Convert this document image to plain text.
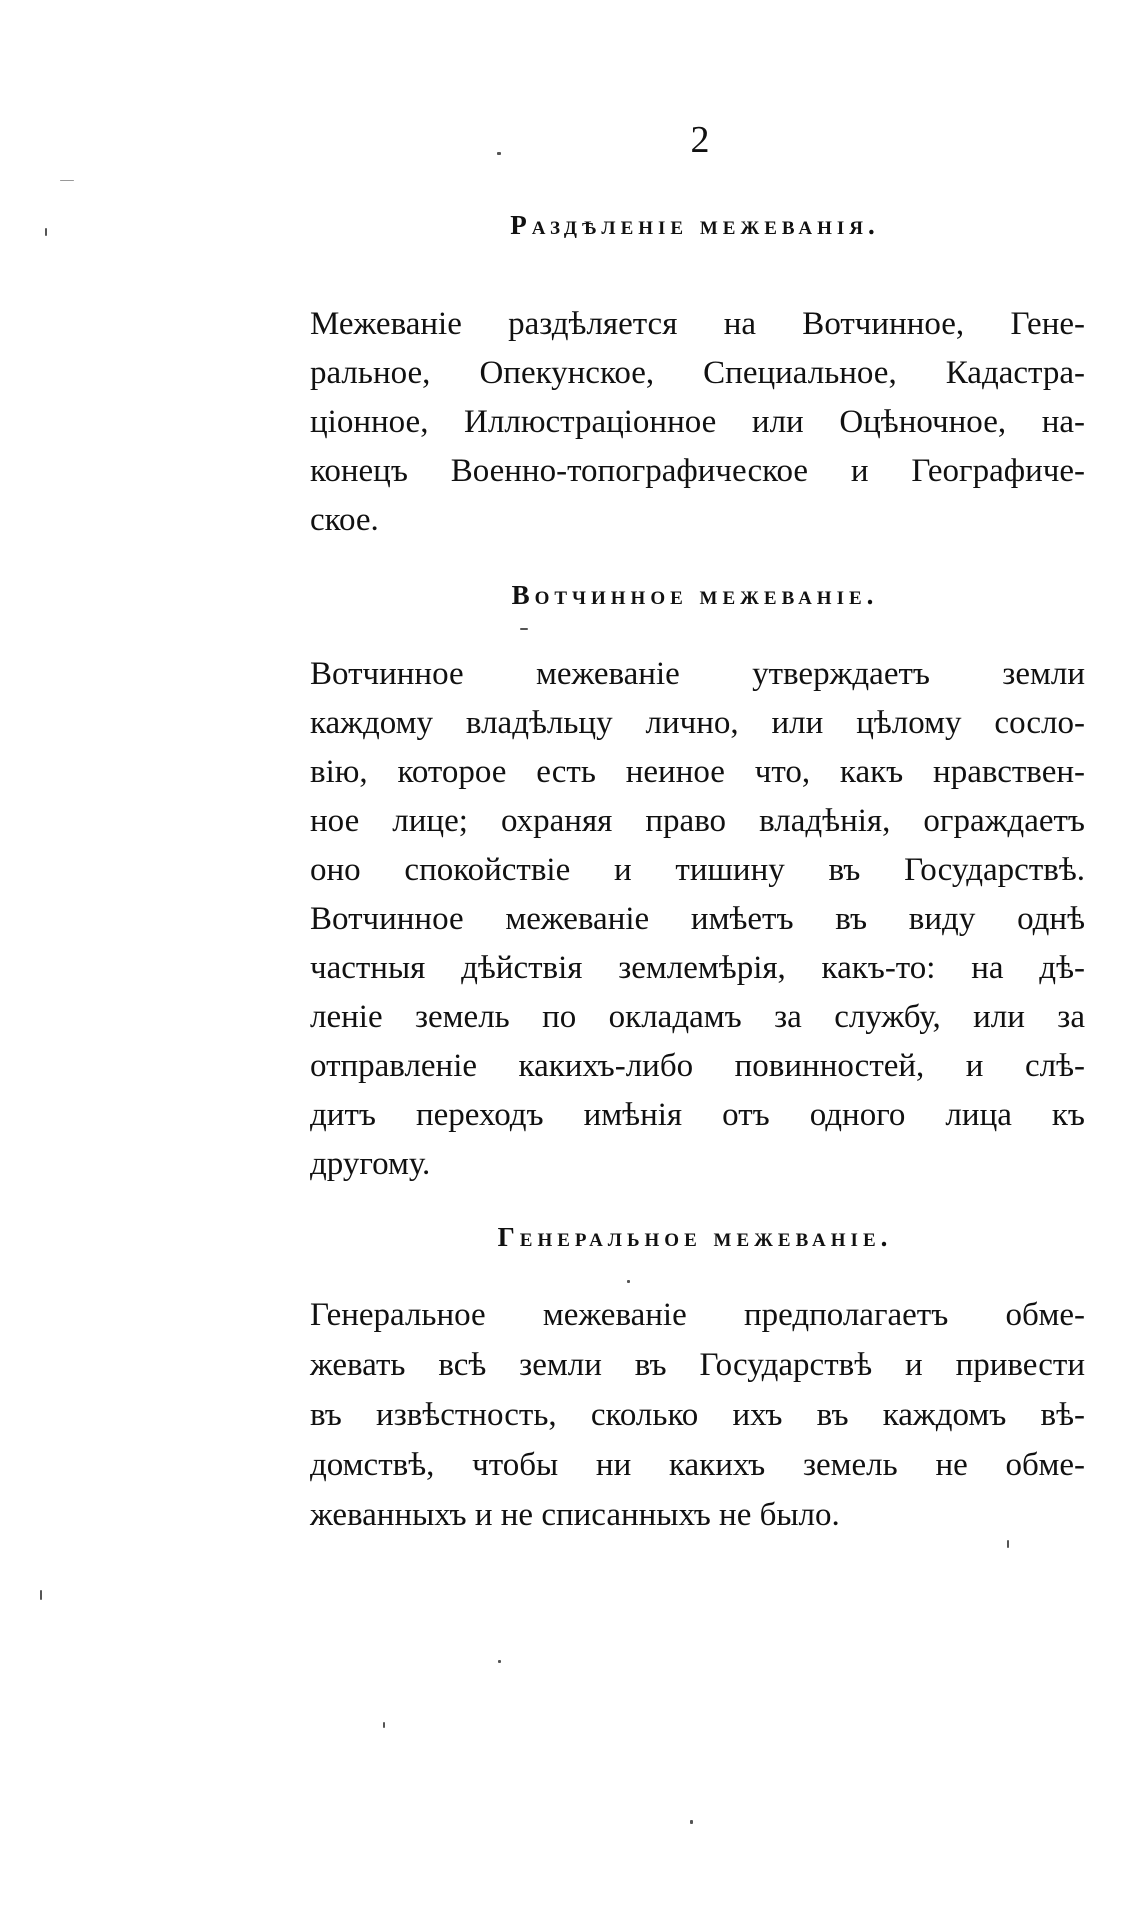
2
Раздѣленіе межеванія.
Межеваніе раздѣляется на Вотчинное, Гене-
ральное, Опекунское, Специальное, Кадастра-
ціонное, Иллюстраціонное или Оцѣночное, на-
конецъ Военно-топографическое и Географиче-
ское.
Вотчинное межеваніе.
Вотчинное межеваніе утверждаетъ земли
каждому владѣльцу лично, или цѣлому сосло-
вію, которое есть неиное что, какъ нравствен-
ное лице; охраняя право владѣнія, ограждаетъ
оно спокойствіе и тишину въ Государствѣ.
Вотчинное межеваніе имѣетъ въ виду однѣ
частныя дѣйствія землемѣрія, какъ-то: на дѣ-
леніе земель по окладамъ за службу, или за
отправленіе какихъ-либо повинностей, и слѣ-
дитъ переходъ имѣнія отъ одного лица къ
другому.
Генеральное межеваніе.
Генеральное межеваніе предполагаетъ обме-
жевать всѣ земли въ Государствѣ и привести
въ извѣстность, сколько ихъ въ каждомъ вѣ-
домствѣ, чтобы ни какихъ земель не обме-
жеванныхъ и не списанныхъ не было.
